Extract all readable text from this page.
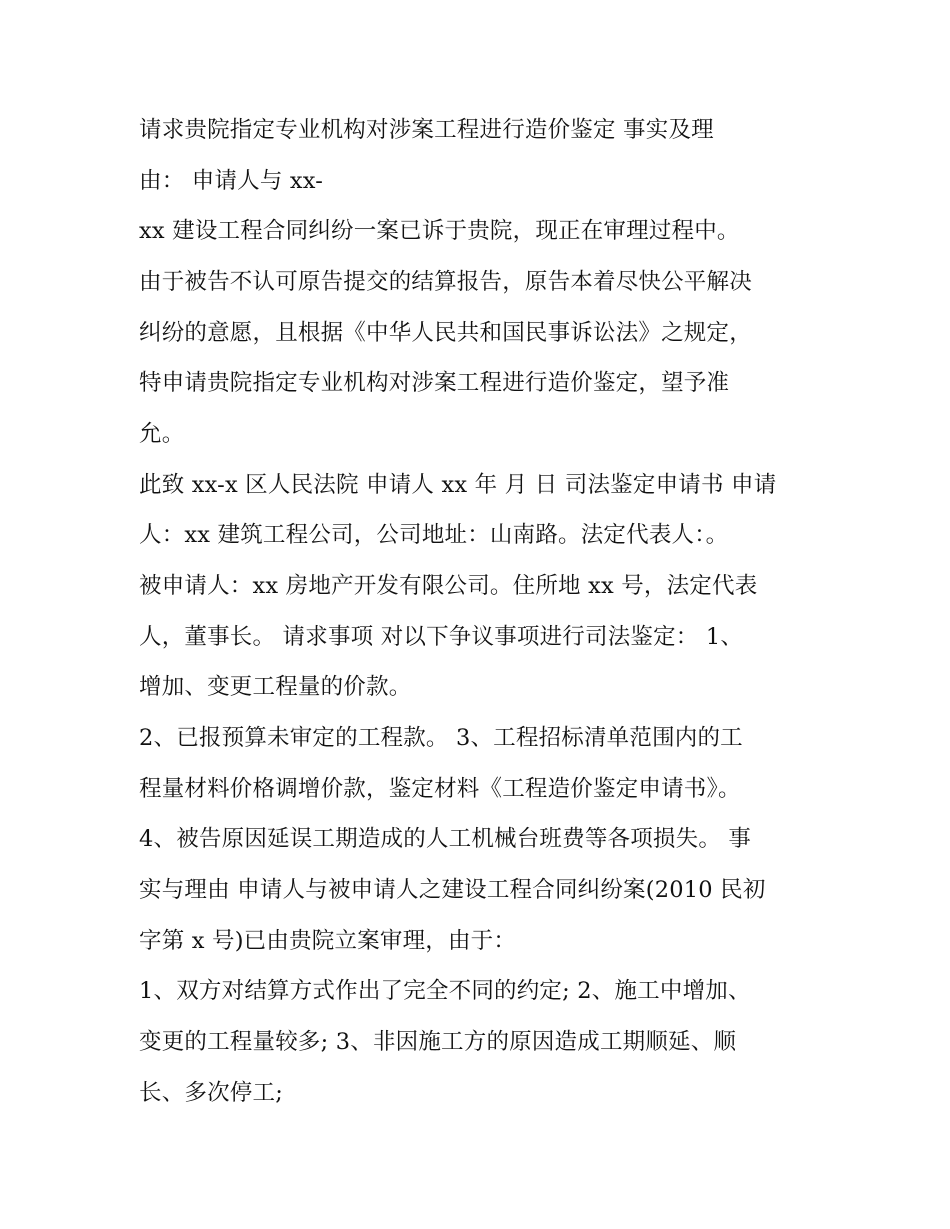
请求贵院指定专业机构对涉案工程进行造价鉴定 事实及理
由： 申请人与 xx-
xx 建设工程合同纠纷一案已诉于贵院，现正在审理过程中。
由于被告不认可原告提交的结算报告，原告本着尽快公平解决
纠纷的意愿，且根据《中华人民共和国民事诉讼法》之规定，
特申请贵院指定专业机构对涉案工程进行造价鉴定，望予准
允。
此致 xx-x 区人民法院 申请人 xx 年 月 日 司法鉴定申请书 申请
人：xx 建筑工程公司，公司地址：山南路。法定代表人：。
被申请人：xx 房地产开发有限公司。住所地 xx 号，法定代表
人，董事长。 请求事项 对以下争议事项进行司法鉴定： 1、
增加、变更工程量的价款。
2、已报预算未审定的工程款。 3、工程招标清单范围内的工
程量材料价格调增价款，鉴定材料《工程造价鉴定申请书》。
4、被告原因延误工期造成的人工机械台班费等各项损失。 事
实与理由 申请人与被申请人之建设工程合同纠纷案(2010 民初
字第 x 号)已由贵院立案审理，由于：
1、双方对结算方式作出了完全不同的约定; 2、施工中增加、
变更的工程量较多; 3、非因施工方的原因造成工期顺延、顺
长、多次停工;
